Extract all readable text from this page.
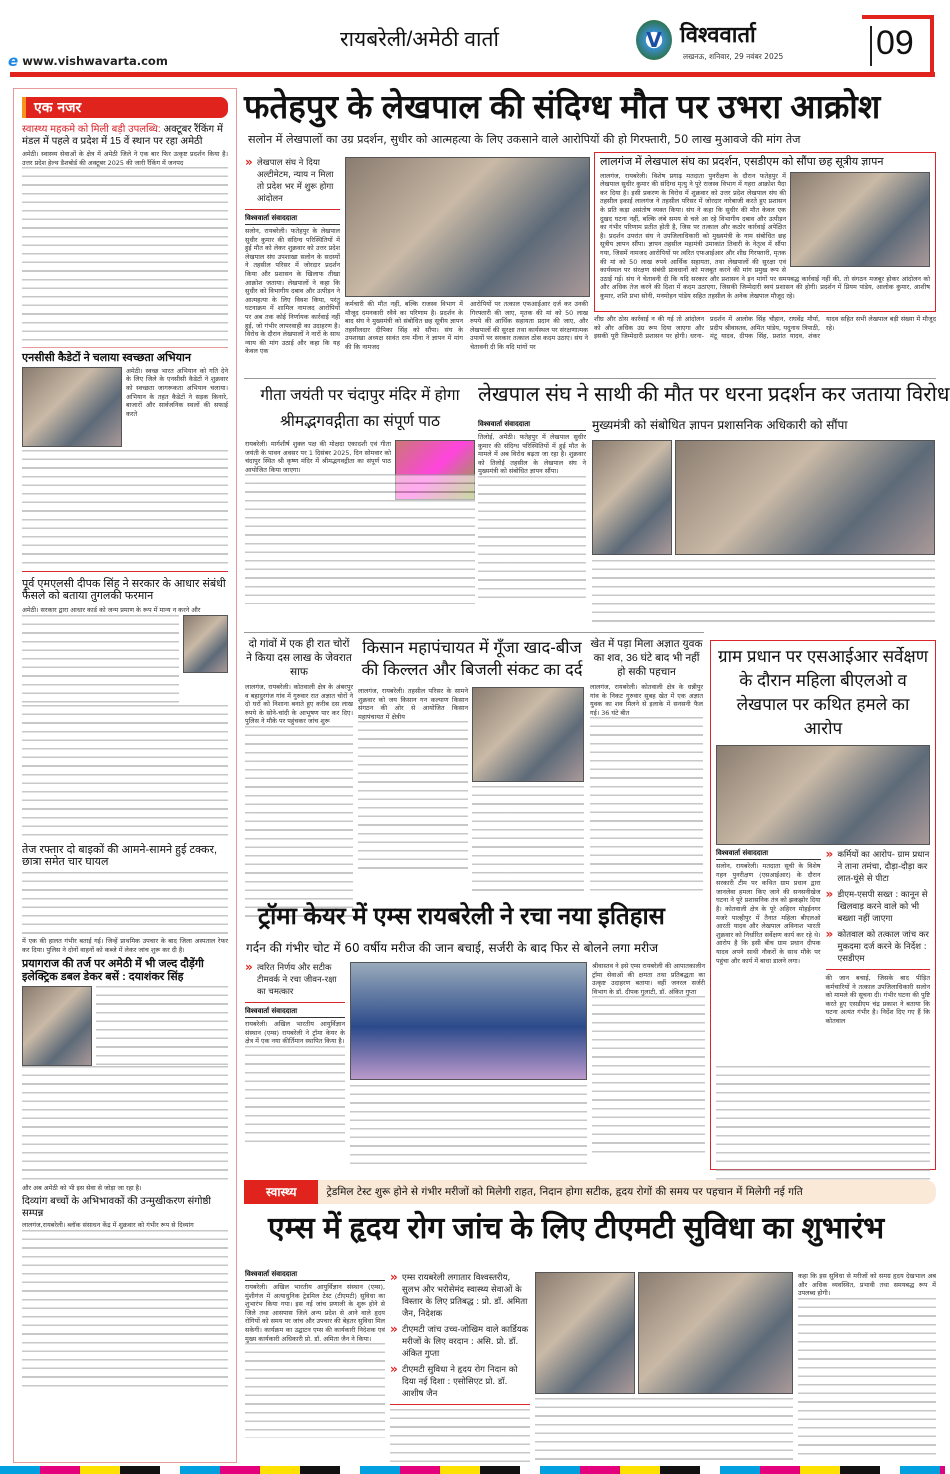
e www.vishwavarta.com
रायबरेली/अमेठी वार्ता	V विश्ववार्ता
लखनऊ, शनिवार, 29 नवंबर 2025	09
एक नजर
स्वास्थ्य महकमे को मिली बड़ी उपलब्धि: अक्टूबर रैंकिंग में मंडल में पहले व प्रदेश में 15 वें स्थान पर रहा अमेठी
अमेठी। स्वास्थ्य सेवाओं के क्षेत्र में अमेठी जिले ने एक बार फिर उत्कृष्ट प्रदर्शन किया है। उत्तर प्रदेश हेल्थ डैशबोर्ड की अक्टूबर 2025 की जारी रैंकिंग में जनपद
एनसीसी कैडेटों ने चलाया स्वच्छता अभियान
अमेठी। स्वच्छ भारत अभियान को गति देने के लिए जिले के एनसीसी कैडेटों ने शुक्रवार को स्वच्छता जागरूकता अभियान चलाया। अभियान के तहत कैडेटों ने सड़क किनारे, बाजारों और सार्वजनिक स्थलों की सफाई करते
पूर्व एमएलसी दीपक सिंह ने सरकार के आधार संबंधी फैसले को बताया तुगलकी फरमान
अमेठी। सरकार द्वारा आधार कार्ड को जन्म प्रमाण के रूप में मान्य न करने और
तेज रफ्तार दो बाइकों की आमने-सामने हुई टक्कर, छात्रा समेत चार घायल
में एक की हालत गंभीर बताई गई। जिन्हें प्राथमिक उपचार के बाद जिला अस्पताल रेफर कर दिया। पुलिस ने दोनों वाहनों को कब्जे में लेकर जांच शुरू कर दी है।
प्रयागराज की तर्ज पर अमेठी में भी जल्द दौड़ेंगी इलेक्ट्रिक डबल डेकर बसें : दयाशंकर सिंह
और अब अमेठी को भी इस सेवा से जोड़ा जा रहा है।
दिव्यांग बच्चों के अभिभावकों की उन्मुखीकरण संगोष्ठी सम्पन्न
लालगंज,रायबरेली। ब्लॉक संसाधन केंद्र में शुक्रवार को गंभीर रूप से दिव्यांग
फतेहपुर के लेखपाल की संदिग्ध मौत पर उभरा आक्रोश
सलोन में लेखपालों का उग्र प्रदर्शन, सुधीर को आत्महत्या के लिए उकसाने वाले आरोपियों की हो गिरफ्तारी, 50 लाख मुआवजे की मांग तेज
» लेखपाल संघ ने दिया अल्टीमेटम, न्याय न मिला तो प्रदेश भर में शुरू होगा आंदोलन
विश्ववार्ता संवाददाता
सलोन, रायबरेली। फतेहपुर के लेखपाल सुधीर कुमार की संदिग्ध परिस्थितियों में हुई मौत को लेकर शुक्रवार को उत्तर प्रदेश लेखपाल संघ उपशाखा सलोन के सदस्यों ने तहसील परिसर में जोरदार प्रदर्शन किया और प्रशासन के खिलाफ तीखा आक्रोश जताया। लेखपालों ने कहा कि सुधीर को विभागीय दबाव और उत्पीड़न ने आत्महत्या के लिए विवश किया, परंतु घटनाक्रम में शामिल नामजद आरोपियों पर अब तक कोई निर्णायक कार्रवाई नहीं हुई, जो गंभीर लापरवाही का उदाहरण है। विरोध के दौरान लेखपालों ने नारों के साथ न्याय की मांग उठाई और कहा कि यह केवल एक
कर्मचारी की मौत नहीं, बल्कि राजस्व विभाग में मौजूद दमनकारी रवैये का परिणाम है। प्रदर्शन के बाद संघ ने मुख्यमंत्री को संबोधित छह सूत्रीय ज्ञापन तहसीलदार दीपिका सिंह को सौंपा। संघ के उपशाखा अध्यक्ष सावंत राम मीना ने ज्ञापन में मांग की कि नामजद
आरोपियों पर तत्काल एफआईआर दर्ज कर उनकी गिरफ्तारी की जाए, मृतक की मां को 50 लाख रुपये की आर्थिक सहायता प्रदान की जाए, और लेखपालों की सुरक्षा तथा कार्यस्थल पर संरक्षणात्मक उपायों पर सरकार तत्काल ठोस कदम उठाए। संघ ने चेतावनी दी कि यदि मांगों पर
लालगंज में लेखपाल संघ का प्रदर्शन, एसडीएम को सौंपा छह सूत्रीय ज्ञापन
लालगंज, रायबरेली। विशेष प्रगाढ़ मतदाता पुनरीक्षण के दौरान फतेहपुर में लेखपाल सुधीर कुमार की संदिग्ध मृत्यु ने पूरे राजस्व विभाग में गहरा आक्रोश पैदा कर दिया है। इसी प्रकरण के विरोध में शुक्रवार को उत्तर प्रदेश लेखपाल संघ की तहसील इकाई लालगंज ने तहसील परिसर में जोरदार नारेबाजी करते हुए प्रशासन के प्रति कड़ा असंतोष व्यक्त किया। संघ ने कहा कि सुधीर की मौत केवल एक दुखद घटना नहीं, बल्कि लंबे समय से चले आ रहे विभागीय दबाव और उत्पीड़न का गंभीर परिणाम प्रतीत होती है, जिस पर तत्काल और कठोर कार्रवाई अपेक्षित है। प्रदर्शन उपरांत संघ ने उपजिलाधिकारी को मुख्यमंत्री के नाम संबोधित छह सूत्रीय ज्ञापन सौंपा। ज्ञापन तहसील महामंत्री उमाकांत तिवारी के नेतृत्व में सौंपा गया, जिसमें नामजद आरोपियों पर त्वरित एफआईआर और शीघ्र गिरफ्तारी, मृतक की मां को 50 लाख रुपये आर्थिक सहायता, तथा लेखपालों की सुरक्षा एवं कार्यस्थल पर संरक्षण संबंधी प्रावधानों को मजबूत करने की मांग प्रमुख रूप से उठाई गई। संघ ने चेतावनी दी कि यदि सरकार और प्रशासन ने इन मांगों पर समयबद्ध कार्रवाई नहीं की, तो संगठन मजबूर होकर आंदोलन को और अधिक तेज करने की दिशा में कदम उठाएगा, जिसकी जिम्मेदारी स्वयं प्रशासन की होगी। प्रदर्शन में प्रियम पांडेय, आलोक कुमार, आशीष कुमार, शशि प्रभा सोनी, मनमोहन पांडेय सहित तहसील के अनेक लेखपाल मौजूद रहे।
शीघ्र और ठोस कार्रवाई न की गई तो आंदोलन को और अधिक उग्र रूप दिया जाएगा और इसकी पूरी जिम्मेदारी प्रशासन पर होगी। धरना-प्रदर्शन में आलोक सिंह चौहान, राघवेंद्र मौर्या, प्रदीप श्रीवास्तव, अमित पांडेय, यदुनाथ त्रिपाठी, मंटू यादव, दीपक सिंह, प्रशांत यादव, शंकर यादव सहित सभी लेखपाल बड़ी संख्या में मौजूद रहे।
गीता जयंती पर चंदापुर मंदिर में होगा श्रीमद्भगवद्गीता का संपूर्ण पाठ
रायबरेली। मार्गशीर्ष शुक्ल पक्ष की मोक्षदा एकादशी एवं गीता जयंती के पावन अवसर पर 1 दिसंबर 2025, दिन सोमवार को चंदापुर स्थित श्री कृष्ण मंदिर में श्रीमद्भगवद्गीता का संपूर्ण पाठ आयोजित किया जाएगा।
लेखपाल संघ ने साथी की मौत पर धरना प्रदर्शन कर जताया विरोध
मुख्यमंत्री को संबोधित ज्ञापन प्रशासनिक अधिकारी को सौंपा
विश्ववार्ता संवाददाता
तिलोई, अमेठी। फतेहपुर में लेखपाल सुधीर कुमार की संदिग्ध परिस्थितियों में हुई मौत के मामले में अब विरोध बढ़ता जा रहा है। शुक्रवार को तिलोई तहसील के लेखपाल संघ ने मुख्यमंत्री को संबोधित ज्ञापन सौंपा।
दो गांवों में एक ही रात चोरों ने किया दस लाख के जेवरात साफ
लालगंज, रायबरेली। कोतवाली क्षेत्र के अंबरपुर व बहादुरगंज गांव में गुरुवार रात अज्ञात चोरों ने दो घरों को निशाना बनाते हुए करीब दस लाख रुपये के सोने-चांदी के आभूषण पार कर दिए। पुलिस ने मौके पर पहुंचकर जांच शुरू
किसान महापंचायत में गूँजा खाद-बीज की किल्लत और बिजली संकट का दर्द
लालगंज, रायबरेली। तहसील परिसर के सामने शुक्रवार को जय किसान गन कल्याण किसान संगठन की ओर से आयोजित किसान महापंचायत में क्षेत्रीय
खेत में पड़ा मिला अज्ञात युवक का शव, 36 घंटे बाद भी नहीं हो सकी पहचान
लालगंज, रायबरेली। कोतवाली क्षेत्र के धन्नीपुर गांव के निकट गुरुवार सुबह खेत में एक अज्ञात युवक का शव मिलने से इलाके में सनसनी फैल गई। 36 घंटे बीत
ग्राम प्रधान पर एसआईआर सर्वेक्षण के दौरान महिला बीएलओ व लेखपाल पर कथित हमले का आरोप
विश्ववार्ता संवाददाता
सलोन, रायबरेली। मतदाता सूची के विशेष गहन पुनरीक्षण (एसआईआर) के दौरान सरकारी टीम पर कथित ग्राम प्रधान द्वारा जानलेवा हमला किए जाने की सनसनीखेज घटना ने पूरे प्रशासनिक तंत्र को झकझोर दिया है। कोतवाली क्षेत्र के पूरे अहिरन मोहईनगर मजरे पाल्हीपुर में तैनात महिला बीएलओ आरती यादव और लेखपाल अविनाश भारती शुक्रवार को निर्धारित सर्वेक्षण कार्य कर रहे थे। आरोप है कि इसी बीच ग्राम प्रधान दीपक यादव अपने साथी नौकरों के साथ मौके पर पहुंचा और कार्य में बाधा डालने लगा।
» कर्मियों का आरोप- ग्राम प्रधान ने ताना तमंचा, दौड़ा-दौड़ा कर लात-घूंसे से पीटा
» डीएम-एसपी सख्त : कानून से खिलवाड़ करने वाले को भी बख्शा नहीं जाएगा
» कोतवाल को तत्काल जांच कर मुकदमा दर्ज करने के निर्देश : एसडीएम
की जान बचाई, जिसके बाद पीड़ित कर्मचारियों ने तत्काल उपजिलाधिकारी सलोन को मामले की सूचना दी। गंभीर घटना की पुष्टि करते हुए एसडीएम चंद्र प्रकाश ने बताया कि घटना अत्यंत गंभीर है। निर्देश दिए गए हैं कि कोतवाल
ट्रॉमा केयर में एम्स रायबरेली ने रचा नया इतिहास
गर्दन की गंभीर चोट में 60 वर्षीय मरीज की जान बचाई, सर्जरी के बाद फिर से बोलने लगा मरीज
» त्वरित निर्णय और सटीक टीमवर्क ने रचा जीवन-रक्षा का चमत्कार
विश्ववार्ता संवाददाता
रायबरेली। अखिल भारतीय आयुर्विज्ञान संस्थान (एम्स) रायबरेली ने ट्रॉमा केयर के क्षेत्र में एक नया कीर्तिमान स्थापित किया है।
श्रीवास्तव ने इसे एम्स रायबरेली की आपातकालीन ट्रॉमा सेवाओं की क्षमता तथा प्रतिबद्धता का उत्कृष्ट उदाहरण बताया। वहीं जनरल सर्जरी विभाग के डॉ. दीपक गुलाटी, डॉ. अंकित गुप्ता
स्वास्थ्य	ट्रेडमिल टेस्ट शुरू होने से गंभीर मरीजों को मिलेगी राहत, निदान होगा सटीक, हृदय रोगों की समय पर पहचान में मिलेगी नई गति
एम्स में हृदय रोग जांच के लिए टीएमटी सुविधा का शुभारंभ
विश्ववार्ता संवाददाता
रायबरेली। अखिल भारतीय आयुर्विज्ञान संस्थान (एम्स), मुंशीगंज में अत्याधुनिक ट्रेडमिल टेस्ट (टीएमटी) सुविधा का शुभारंभ किया गया। इस नई जांच प्रणाली के शुरू होने से जिले तथा आसपास जिले अन्य प्रदेश से आने वाले हृदय रोगियों को समय पर जांच और उपचार की बेहतर सुविधा मिल सकेगी। कार्यक्रम का उद्घाटन एम्स की कार्यकारी निदेशक एवं मुख्य कार्यकारी अधिकारी प्रो. डॉ. अमिता जैन ने किया।
» एम्स रायबरेली लगातार विश्वस्तरीय, सुलभ और भरोसेमंद स्वास्थ्य सेवाओं के विस्तार के लिए प्रतिबद्ध : प्रो. डॉ. अमिता जैन, निदेशक
» टीएमटी जांच उच्च-जोखिम वाले कार्डियक मरीजों के लिए वरदान : असि. प्रो. डॉ. अंकित गुप्ता
» टीएमटी सुविधा ने हृदय रोग निदान को दिया नई दिशा : एसोसिएट प्रो. डॉ. आशीष जैन
कहा कि इस सुविधा से मरीजों को समग्र हृदय देखभाल अब और अधिक व्यवस्थित, प्रभावी तथा समयबद्ध रूप में उपलब्ध होगी।
